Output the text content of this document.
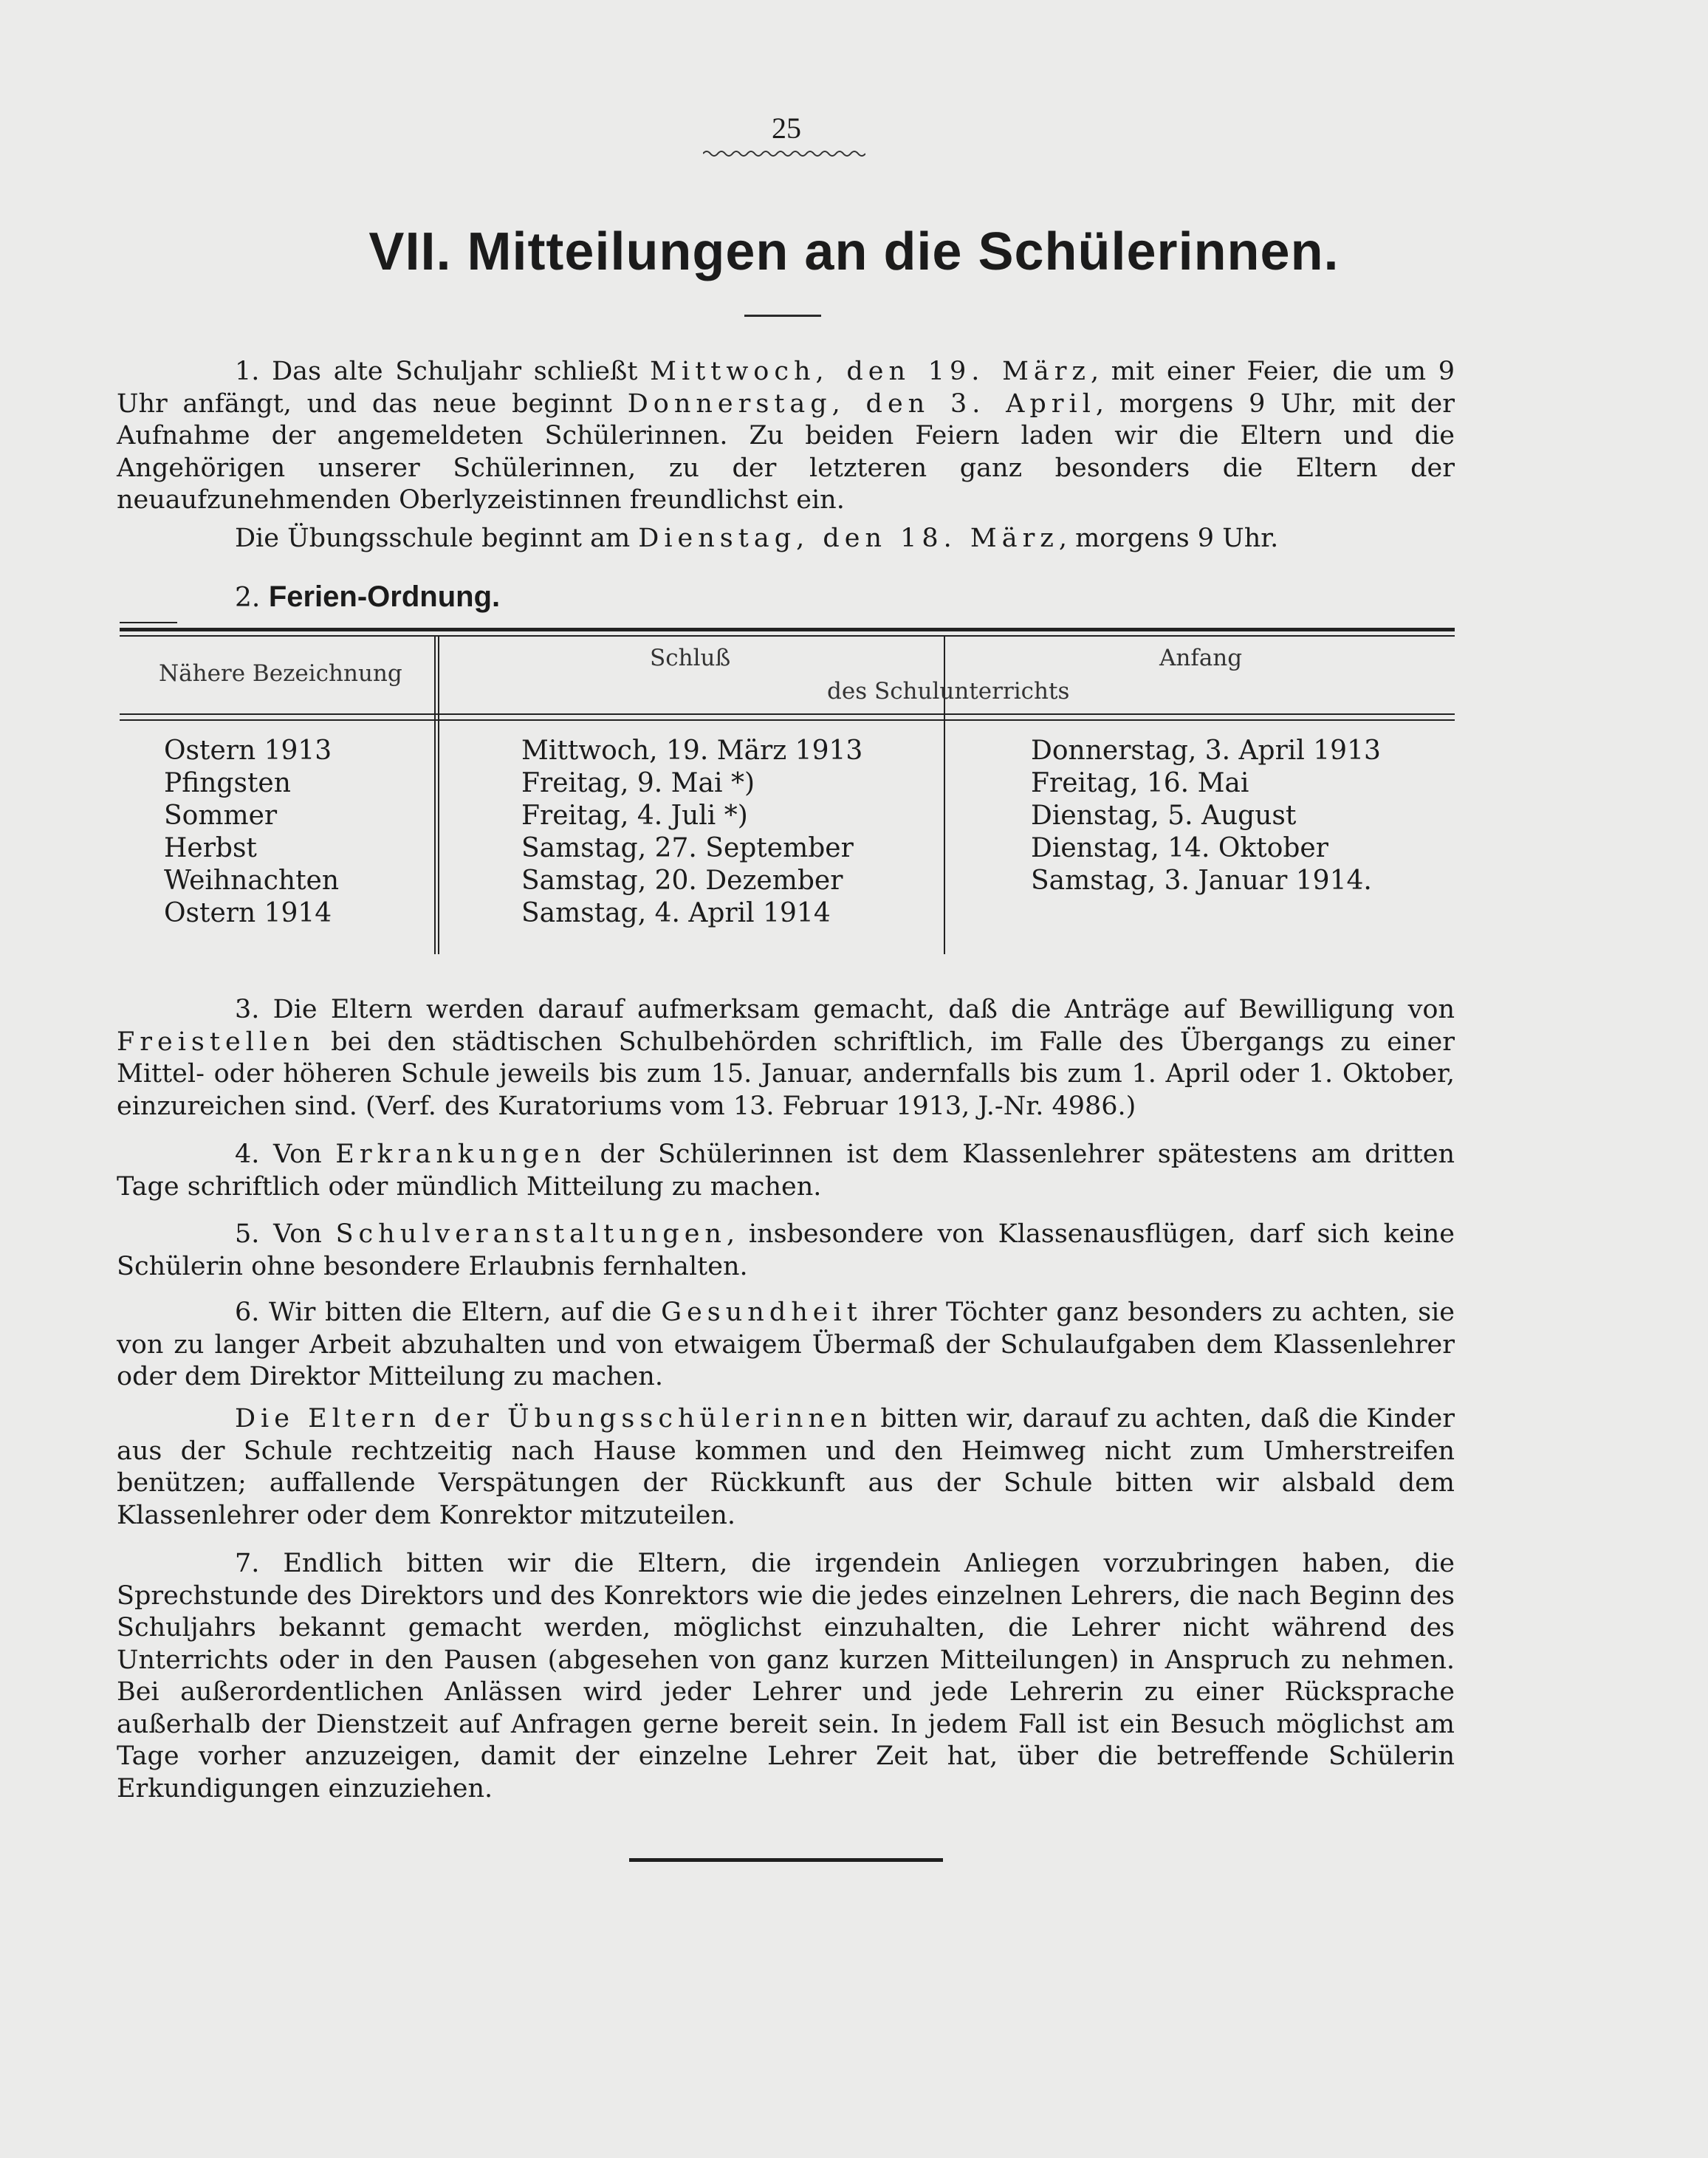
25
VII. Mitteilungen an die Schülerinnen.

1. Das alte Schuljahr schließt Mittwoch, den 19. März, mit einer Feier, die um 9 Uhr anfängt, und das neue beginnt Donnerstag, den 3. April, morgens 9 Uhr, mit der Aufnahme der angemeldeten Schülerinnen. Zu beiden Feiern laden wir die Eltern und die Angehörigen unserer Schülerinnen, zu der letzteren ganz besonders die Eltern der neuaufzunehmenden Oberlyzeistinnen freundlichst ein.

Die Übungsschule beginnt am Dienstag, den 18. März, morgens 9 Uhr.

2. Ferien-Ordnung.
Nähere Bezeichnung
Schluß	Anfang
des Schulunterrichts
Ostern 1913
Pfingsten
Sommer
Herbst
Weihnachten
Ostern 1914
Mittwoch, 19. März 1913
Freitag, 9. Mai *)
Freitag, 4. Juli *)
Samstag, 27. September
Samstag, 20. Dezember
Samstag, 4. April 1914
Donnerstag, 3. April 1913
Freitag, 16. Mai
Dienstag, 5. August
Dienstag, 14. Oktober
Samstag, 3. Januar 1914.

3. Die Eltern werden darauf aufmerksam gemacht, daß die Anträge auf Bewilligung von Freistellen bei den städtischen Schulbehörden schriftlich, im Falle des Übergangs zu einer Mittel- oder höheren Schule jeweils bis zum 15. Januar, andernfalls bis zum 1. April oder 1. Oktober, einzureichen sind. (Verf. des Kuratoriums vom 13. Februar 1913, J.-Nr. 4986.)

4. Von Erkrankungen der Schülerinnen ist dem Klassenlehrer spätestens am dritten Tage schriftlich oder mündlich Mitteilung zu machen.

5. Von Schulveranstaltungen, insbesondere von Klassenausflügen, darf sich keine Schülerin ohne besondere Erlaubnis fernhalten.

6. Wir bitten die Eltern, auf die Gesundheit ihrer Töchter ganz besonders zu achten, sie von zu langer Arbeit abzuhalten und von etwaigem Übermaß der Schulaufgaben dem Klassenlehrer oder dem Direktor Mitteilung zu machen.

Die Eltern der Übungsschülerinnen bitten wir, darauf zu achten, daß die Kinder aus der Schule rechtzeitig nach Hause kommen und den Heimweg nicht zum Umherstreifen benützen; auffallende Verspätungen der Rückkunft aus der Schule bitten wir alsbald dem Klassenlehrer oder dem Konrektor mitzuteilen.

7. Endlich bitten wir die Eltern, die irgendein Anliegen vorzubringen haben, die Sprechstunde des Direktors und des Konrektors wie die jedes einzelnen Lehrers, die nach Beginn des Schuljahrs bekannt gemacht werden, möglichst einzuhalten, die Lehrer nicht während des Unterrichts oder in den Pausen (abgesehen von ganz kurzen Mitteilungen) in Anspruch zu nehmen. Bei außerordentlichen Anlässen wird jeder Lehrer und jede Lehrerin zu einer Rücksprache außerhalb der Dienstzeit auf Anfragen gerne bereit sein. In jedem Fall ist ein Besuch möglichst am Tage vorher anzuzeigen, damit der einzelne Lehrer Zeit hat, über die betreffende Schülerin Erkundigungen einzuziehen.
